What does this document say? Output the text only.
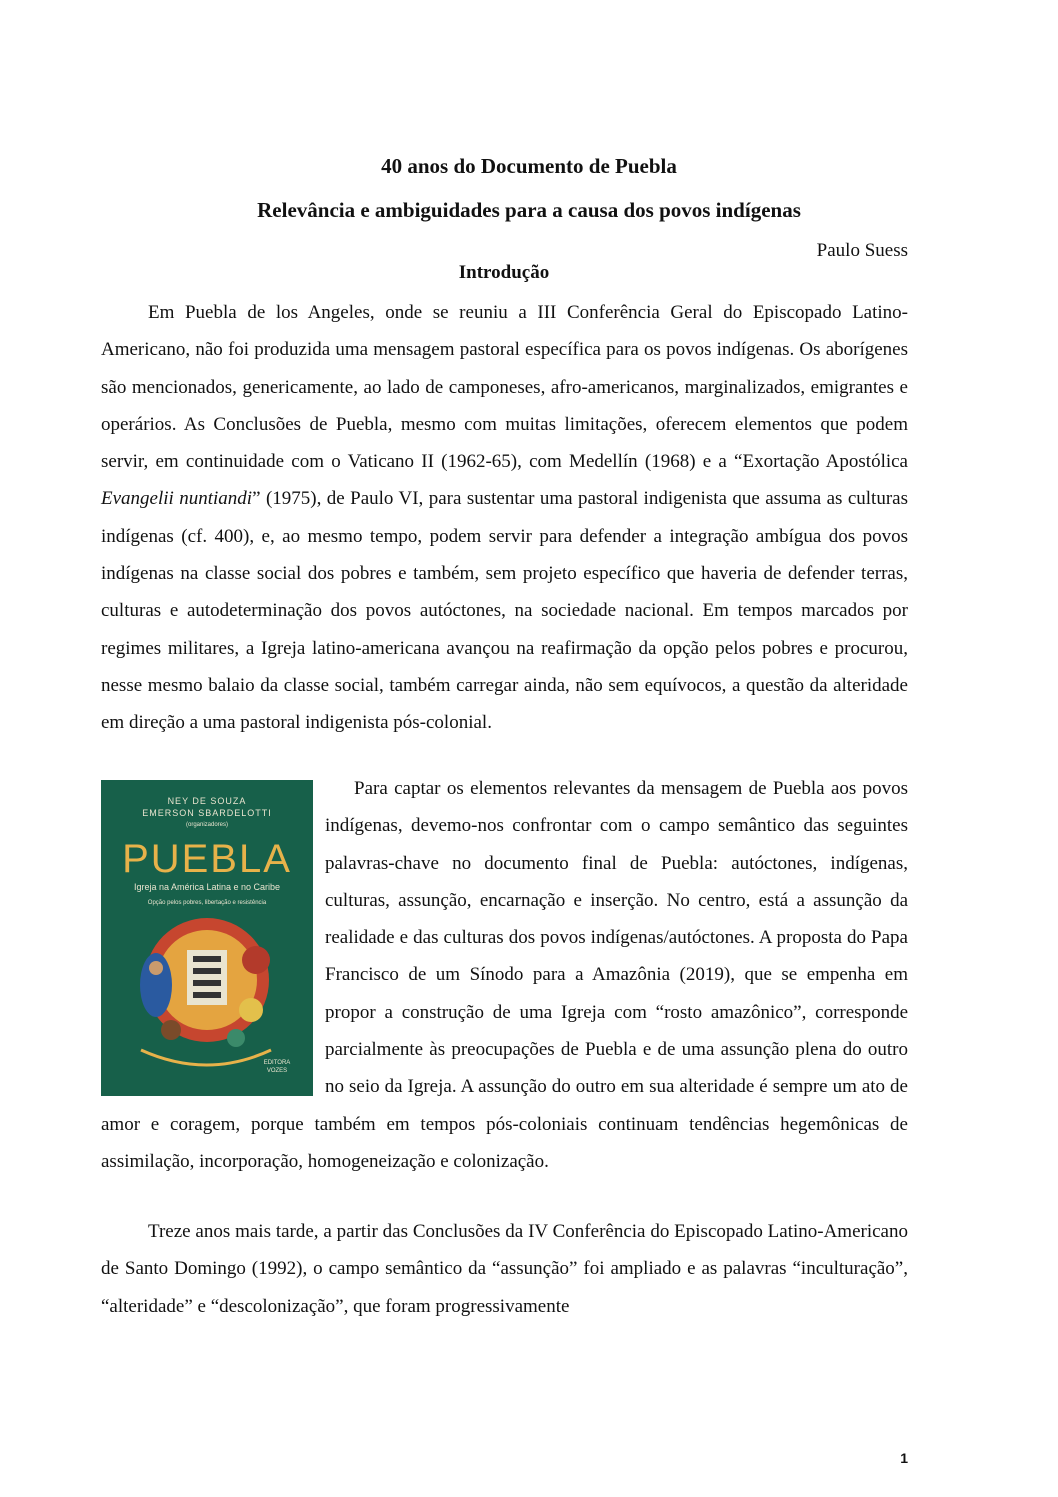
40 anos do Documento de Puebla
Relevância e ambiguidades para a causa dos povos indígenas
Paulo Suess
Introdução

Em Puebla de los Angeles, onde se reuniu a III Conferência Geral do Episcopado Latino-Americano, não foi produzida uma mensagem pastoral específica para os povos indígenas. Os aborígenes são mencionados, genericamente, ao lado de camponeses, afro-americanos, marginalizados, emigrantes e operários. As Conclusões de Puebla, mesmo com muitas limitações, oferecem elementos que podem servir, em continuidade com o Vaticano II (1962-65), com Medellín (1968) e a “Exortação Apostólica Evangelii nuntiandi” (1975), de Paulo VI, para sustentar uma pastoral indigenista que assuma as culturas indígenas (cf. 400), e, ao mesmo tempo, podem servir para defender a integração ambígua dos povos indígenas na classe social dos pobres e também, sem projeto específico que haveria de defender terras, culturas e autodeterminação dos povos autóctones, na sociedade nacional. Em tempos marcados por regimes militares, a Igreja latino-americana avançou na reafirmação da opção pelos pobres e procurou, nesse mesmo balaio da classe social, também carregar ainda, não sem equívocos, a questão da alteridade em direção a uma pastoral indigenista pós-colonial.

NEY DE SOUZA
EMERSON SBARDELOTTI
(organizadores)
PUEBLA
Igreja na América Latina e no Caribe
Opção pelos pobres, libertação e resistência
EDITORA
VOZES
Para captar os elementos relevantes da mensagem de Puebla aos povos indígenas, devemo-nos confrontar com o campo semântico das seguintes palavras-chave no documento final de Puebla: autóctones, indígenas, culturas, assunção, encarnação e inserção. No centro, está a assunção da realidade e das culturas dos povos indígenas/autóctones. A proposta do Papa Francisco de um Sínodo para a Amazônia (2019), que se empenha em propor a construção de uma Igreja com “rosto amazônico”, corresponde parcialmente às preocupações de Puebla e de uma assunção plena do outro no seio da Igreja. A assunção do outro em sua alteridade é sempre um ato de amor e coragem, porque também em tempos pós-coloniais continuam tendências hegemônicas de assimilação, incorporação, homogeneização e colonização.

Treze anos mais tarde, a partir das Conclusões da IV Conferência do Episcopado Latino-Americano de Santo Domingo (1992), o campo semântico da “assunção” foi ampliado e as palavras “inculturação”, “alteridade” e “descolonização”, que foram progressivamente

1
